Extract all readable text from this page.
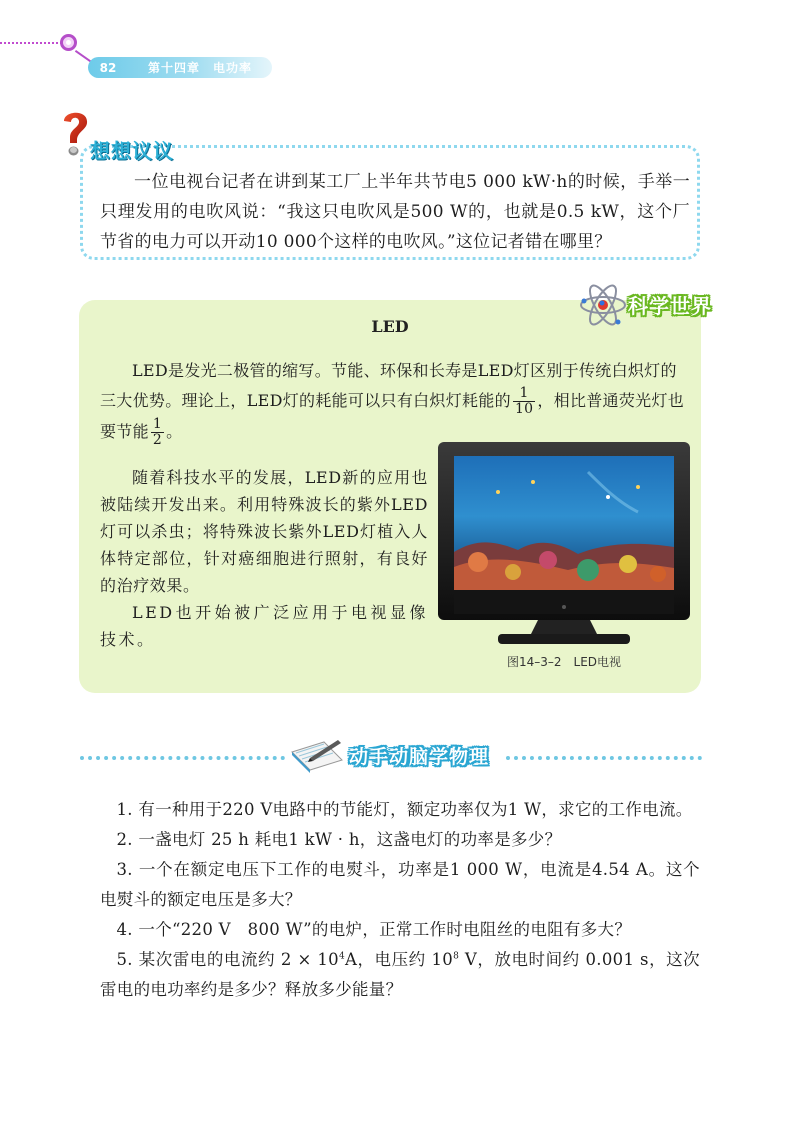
82	第十四章　电功率
想想议议
一位电视台记者在讲到某工厂上半年共节电5 000 kW·h的时候，手举一只理发用的电吹风说：“我这只电吹风是500 W的，也就是0.5 kW，这个厂节省的电力可以开动10 000个这样的电吹风。”这位记者错在哪里？
科学世界
LED
LED是发光二极管的缩写。节能、环保和长寿是LED灯区别于传统白炽灯的三大优势。理论上，LED灯的耗能可以只有白炽灯耗能的 $\frac{1}{10}$ ，相比普通荧光灯也要节能 $\frac{1}{2}$ 。

随着科技水平的发展，LED新的应用也被陆续开发出来。利用特殊波长的紫外LED灯可以杀虫；将特殊波长紫外LED灯植入人体特定部位，针对癌细胞进行照射，有良好的治疗效果。

LED也开始被广泛应用于电视显像技术。

图14–3–2　LED电视
动手动脑学物理

1. 有一种用于220 V电路中的节能灯，额定功率仅为1 W，求它的工作电流。

2. 一盏电灯 25 h 耗电1 kW · h，这盏电灯的功率是多少？

3. 一个在额定电压下工作的电熨斗，功率是1 000 W，电流是4.54 A。这个电熨斗的额定电压是多大？

4. 一个“220 V　800 W”的电炉，正常工作时电阻丝的电阻有多大？

5. 某次雷电的电流约 $2 \times 10^4A$，电压约 $10^8$ V，放电时间约 0.001 s，这次雷电的电功率约是多少？释放多少能量？
